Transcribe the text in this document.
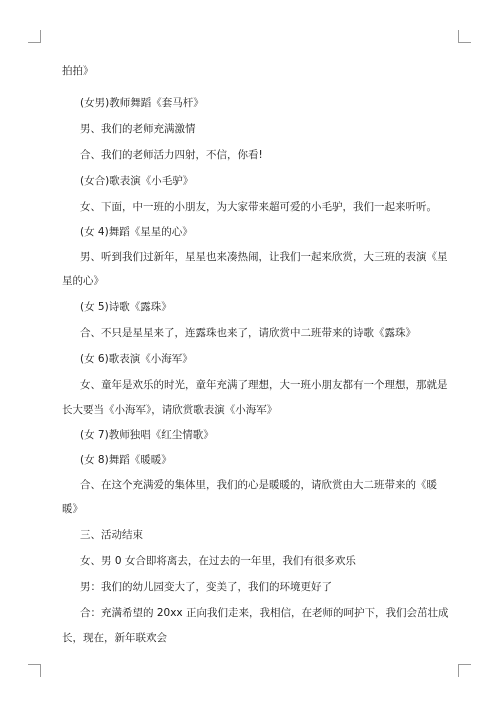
拍拍》
(女男)教师舞蹈《套马杆》
男、我们的老师充满激情
合、我们的老师活力四射，不信，你看!
(女合)歌表演《小毛驴》
女、下面，中一班的小朋友，为大家带来超可爱的小毛驴，我们一起来听听。
(女 4)舞蹈《星星的心》
男、听到我们过新年，星星也来凑热闹，让我们一起来欣赏，大三班的表演《星
星的心》
(女 5)诗歌《露珠》
合、不只是星星来了，连露珠也来了，请欣赏中二班带来的诗歌《露珠》
(女 6)歌表演《小海军》
女、童年是欢乐的时光，童年充满了理想，大一班小朋友都有一个理想，那就是
长大要当《小海军》，请欣赏歌表演《小海军》
(女 7)教师独唱《红尘情歌》
(女 8)舞蹈《暖暖》
合、在这个充满爱的集体里，我们的心是暖暖的，请欣赏由大二班带来的《暖
暖》
三、活动结束
女、男 0 女合即将离去，在过去的一年里，我们有很多欢乐
男：我们的幼儿园变大了，变美了，我们的环境更好了
合：充满希望的 20xx 正向我们走来，我相信，在老师的呵护下，我们会茁壮成
长，现在，新年联欢会
